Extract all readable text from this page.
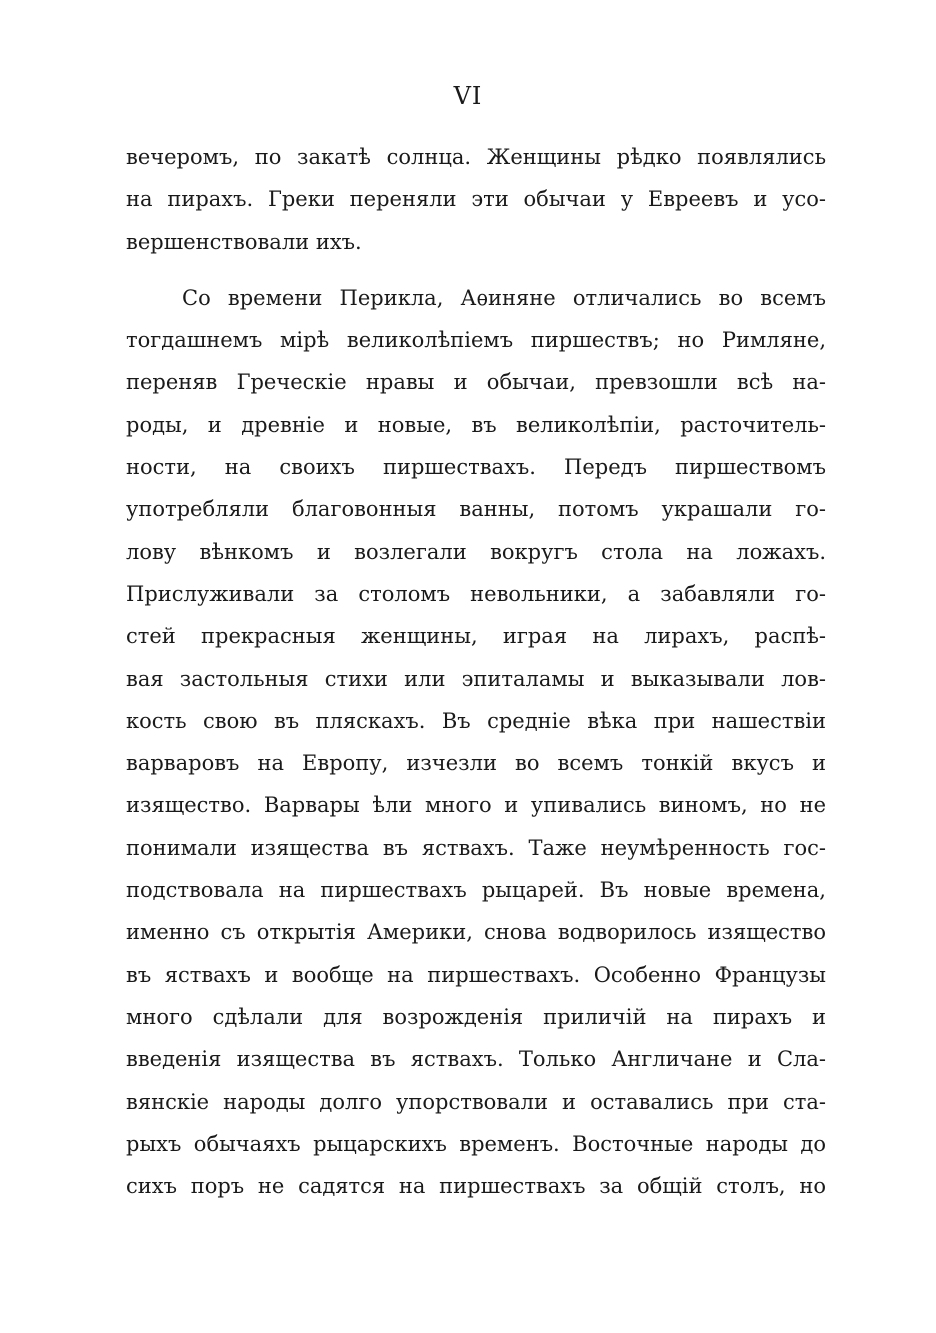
VI
вечеромъ, по закатѣ солнца. Женщины рѣдко появлялись
на пирахъ. Греки переняли эти обычаи у Евреевъ и усо-
вершенствовали ихъ.
Со времени Перикла, Аѳиняне отличались во всемъ
тогдашнемъ мірѣ великолѣпіемъ пиршествъ; но Римляне,
переняв Греческіе нравы и обычаи, превзошли всѣ на-
роды, и древніе и новые, въ великолѣпіи, расточитель-
ности, на своихъ пиршествахъ. Передъ пиршествомъ
употребляли благовонныя ванны, потомъ украшали го-
лову вѣнкомъ и возлегали вокругъ стола на ложахъ.
Прислуживали за столомъ невольники, а забавляли го-
стей прекрасныя женщины, играя на лирахъ, распѣ-
вая застольныя стихи или эпиталамы и выказывали лов-
кость свою въ пляскахъ. Въ средніе вѣка при нашествіи
варваровъ на Европу, изчезли во всемъ тонкій вкусъ и
изящество. Варвары ѣли много и упивались виномъ, но не
понимали изящества въ яствахъ. Таже неумѣренность гос-
подствовала на пиршествахъ рыцарей. Въ новые времена,
именно съ открытія Америки, снова водворилось изящество
въ яствахъ и вообще на пиршествахъ. Особенно Французы
много сдѣлали для возрожденія приличій на пирахъ и
введенія изящества въ яствахъ. Только Англичане и Сла-
вянскіе народы долго упорствовали и оставались при ста-
рыхъ обычаяхъ рыцарскихъ временъ. Восточные народы до
сихъ поръ не садятся на пиршествахъ за общій столъ, но
